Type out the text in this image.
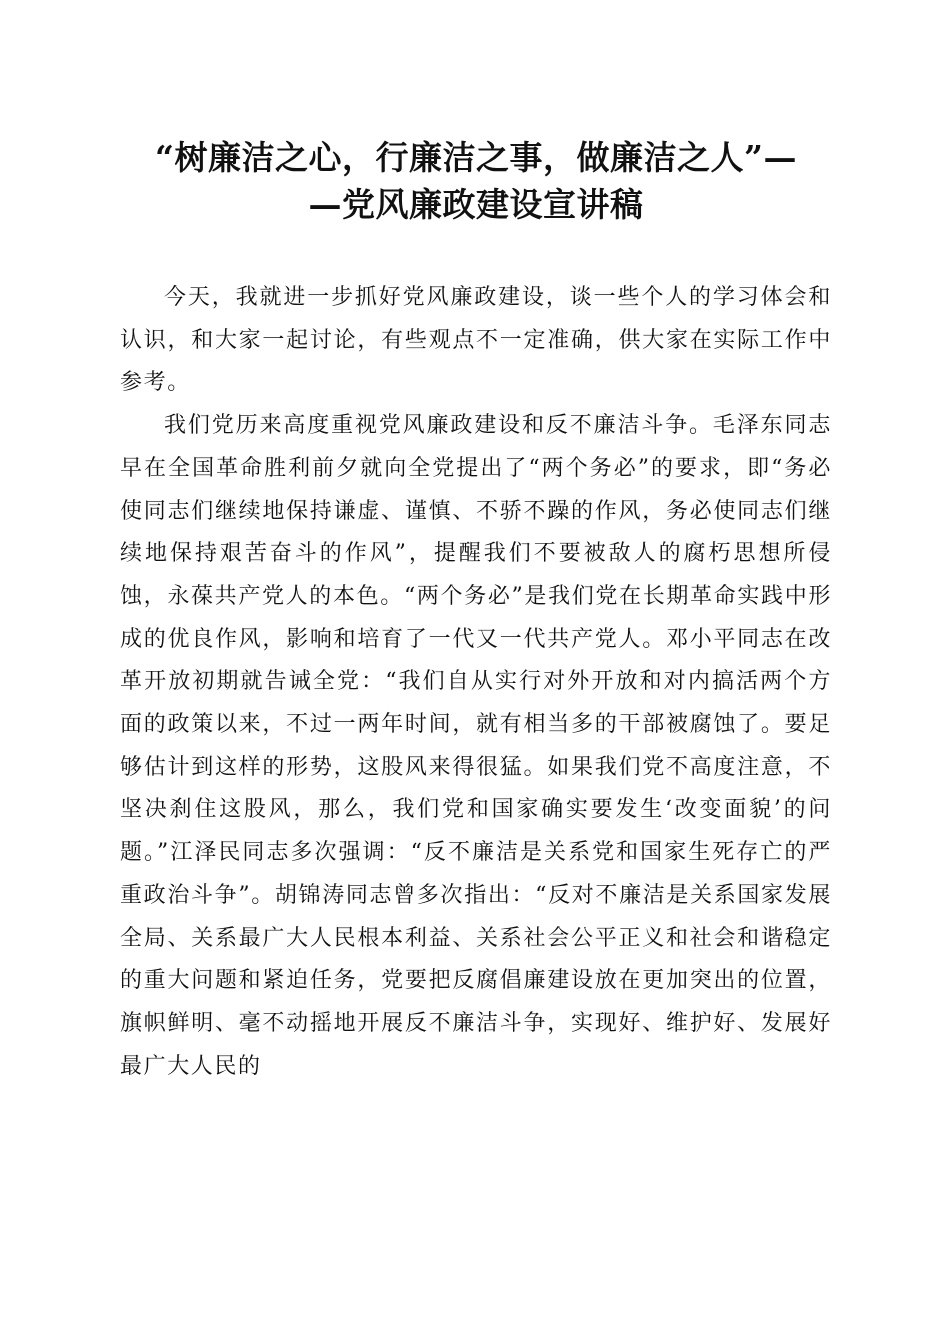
“树廉洁之心，行廉洁之事，做廉洁之人”—
—党风廉政建设宣讲稿

今天，我就进一步抓好党风廉政建设，谈一些个人的学习体会和认识，和大家一起讨论，有些观点不一定准确，供大家在实际工作中参考。

我们党历来高度重视党风廉政建设和反不廉洁斗争。毛泽东同志早在全国革命胜利前夕就向全党提出了“两个务必”的要求，即“务必使同志们继续地保持谦虚、谨慎、不骄不躁的作风，务必使同志们继续地保持艰苦奋斗的作风”，提醒我们不要被敌人的腐朽思想所侵蚀，永葆共产党人的本色。“两个务必”是我们党在长期革命实践中形成的优良作风，影响和培育了一代又一代共产党人。邓小平同志在改革开放初期就告诫全党：“我们自从实行对外开放和对内搞活两个方面的政策以来，不过一两年时间，就有相当多的干部被腐蚀了。要足够估计到这样的形势，这股风来得很猛。如果我们党不高度注意，不坚决刹住这股风，那么，我们党和国家确实要发生‘改变面貌’的问题。”江泽民同志多次强调：“反不廉洁是关系党和国家生死存亡的严重政治斗争”。胡锦涛同志曾多次指出：“反对不廉洁是关系国家发展全局、关系最广大人民根本利益、关系社会公平正义和社会和谐稳定的重大问题和紧迫任务，党要把反腐倡廉建设放在更加突出的位置，旗帜鲜明、毫不动摇地开展反不廉洁斗争，实现好、维护好、发展好最广大人民的
